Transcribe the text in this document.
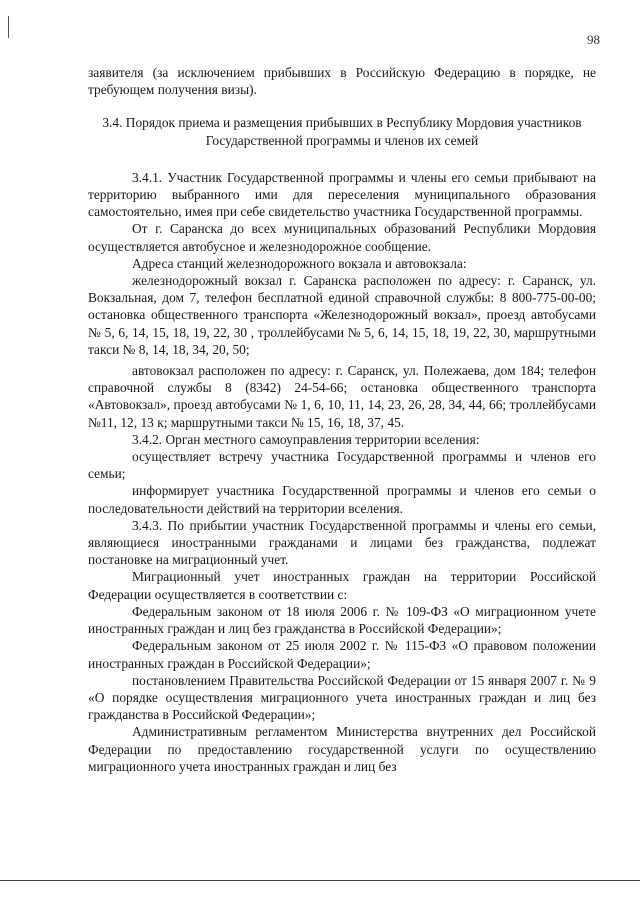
98

заявителя (за исключением прибывших в Российскую Федерацию в порядке, не требующем получения визы).

3.4. Порядок приема и размещения прибывших в Республику Мордовия участников Государственной программы и членов их семей

3.4.1. Участник Государственной программы и члены его семьи прибывают на территорию выбранного ими для переселения муниципального образования самостоятельно, имея при себе свидетельство участника Государственной программы.

От г. Саранска до всех муниципальных образований Республики Мордовия осуществляется автобусное и железнодорожное сообщение.

Адреса станций железнодорожного вокзала и автовокзала:

железнодорожный вокзал г. Саранска расположен по адресу: г. Саранск, ул. Вокзальная, дом 7, телефон бесплатной единой справочной службы: 8 800-775-00-00; остановка общественного транспорта «Железнодорожный вокзал», проезд автобусами № 5, 6, 14, 15, 18, 19, 22, 30 , троллейбусами № 5, 6, 14, 15, 18, 19, 22, 30, маршрутными такси № 8, 14, 18, 34, 20, 50;

автовокзал расположен по адресу: г. Саранск, ул. Полежаева, дом 184; телефон справочной службы 8 (8342) 24-54-66; остановка общественного транспорта «Автовокзал», проезд автобусами № 1, 6, 10, 11, 14, 23, 26, 28, 34, 44, 66; троллейбусами №11, 12, 13 к; маршрутными такси № 15, 16, 18, 37, 45.

3.4.2. Орган местного самоуправления территории вселения:

осуществляет встречу участника Государственной программы и членов его семьи;

информирует участника Государственной программы и членов его семьи о последовательности действий на территории вселения.

3.4.3. По прибытии участник Государственной программы и члены его семьи, являющиеся иностранными гражданами и лицами без гражданства, подлежат постановке на миграционный учет.

Миграционный учет иностранных граждан на территории Российской Федерации осуществляется в соответствии с:

Федеральным законом от 18 июля 2006 г. № 109-ФЗ «О миграционном учете иностранных граждан и лиц без гражданства в Российской Федерации»;

Федеральным законом от 25 июля 2002 г. № 115-ФЗ «О правовом положении иностранных граждан в Российской Федерации»;

постановлением Правительства Российской Федерации от 15 января 2007 г. № 9 «О порядке осуществления миграционного учета иностранных граждан и лиц без гражданства в Российской Федерации»;

Административным регламентом Министерства внутренних дел Российской Федерации по предоставлению государственной услуги по осуществлению миграционного учета иностранных граждан и лиц без
